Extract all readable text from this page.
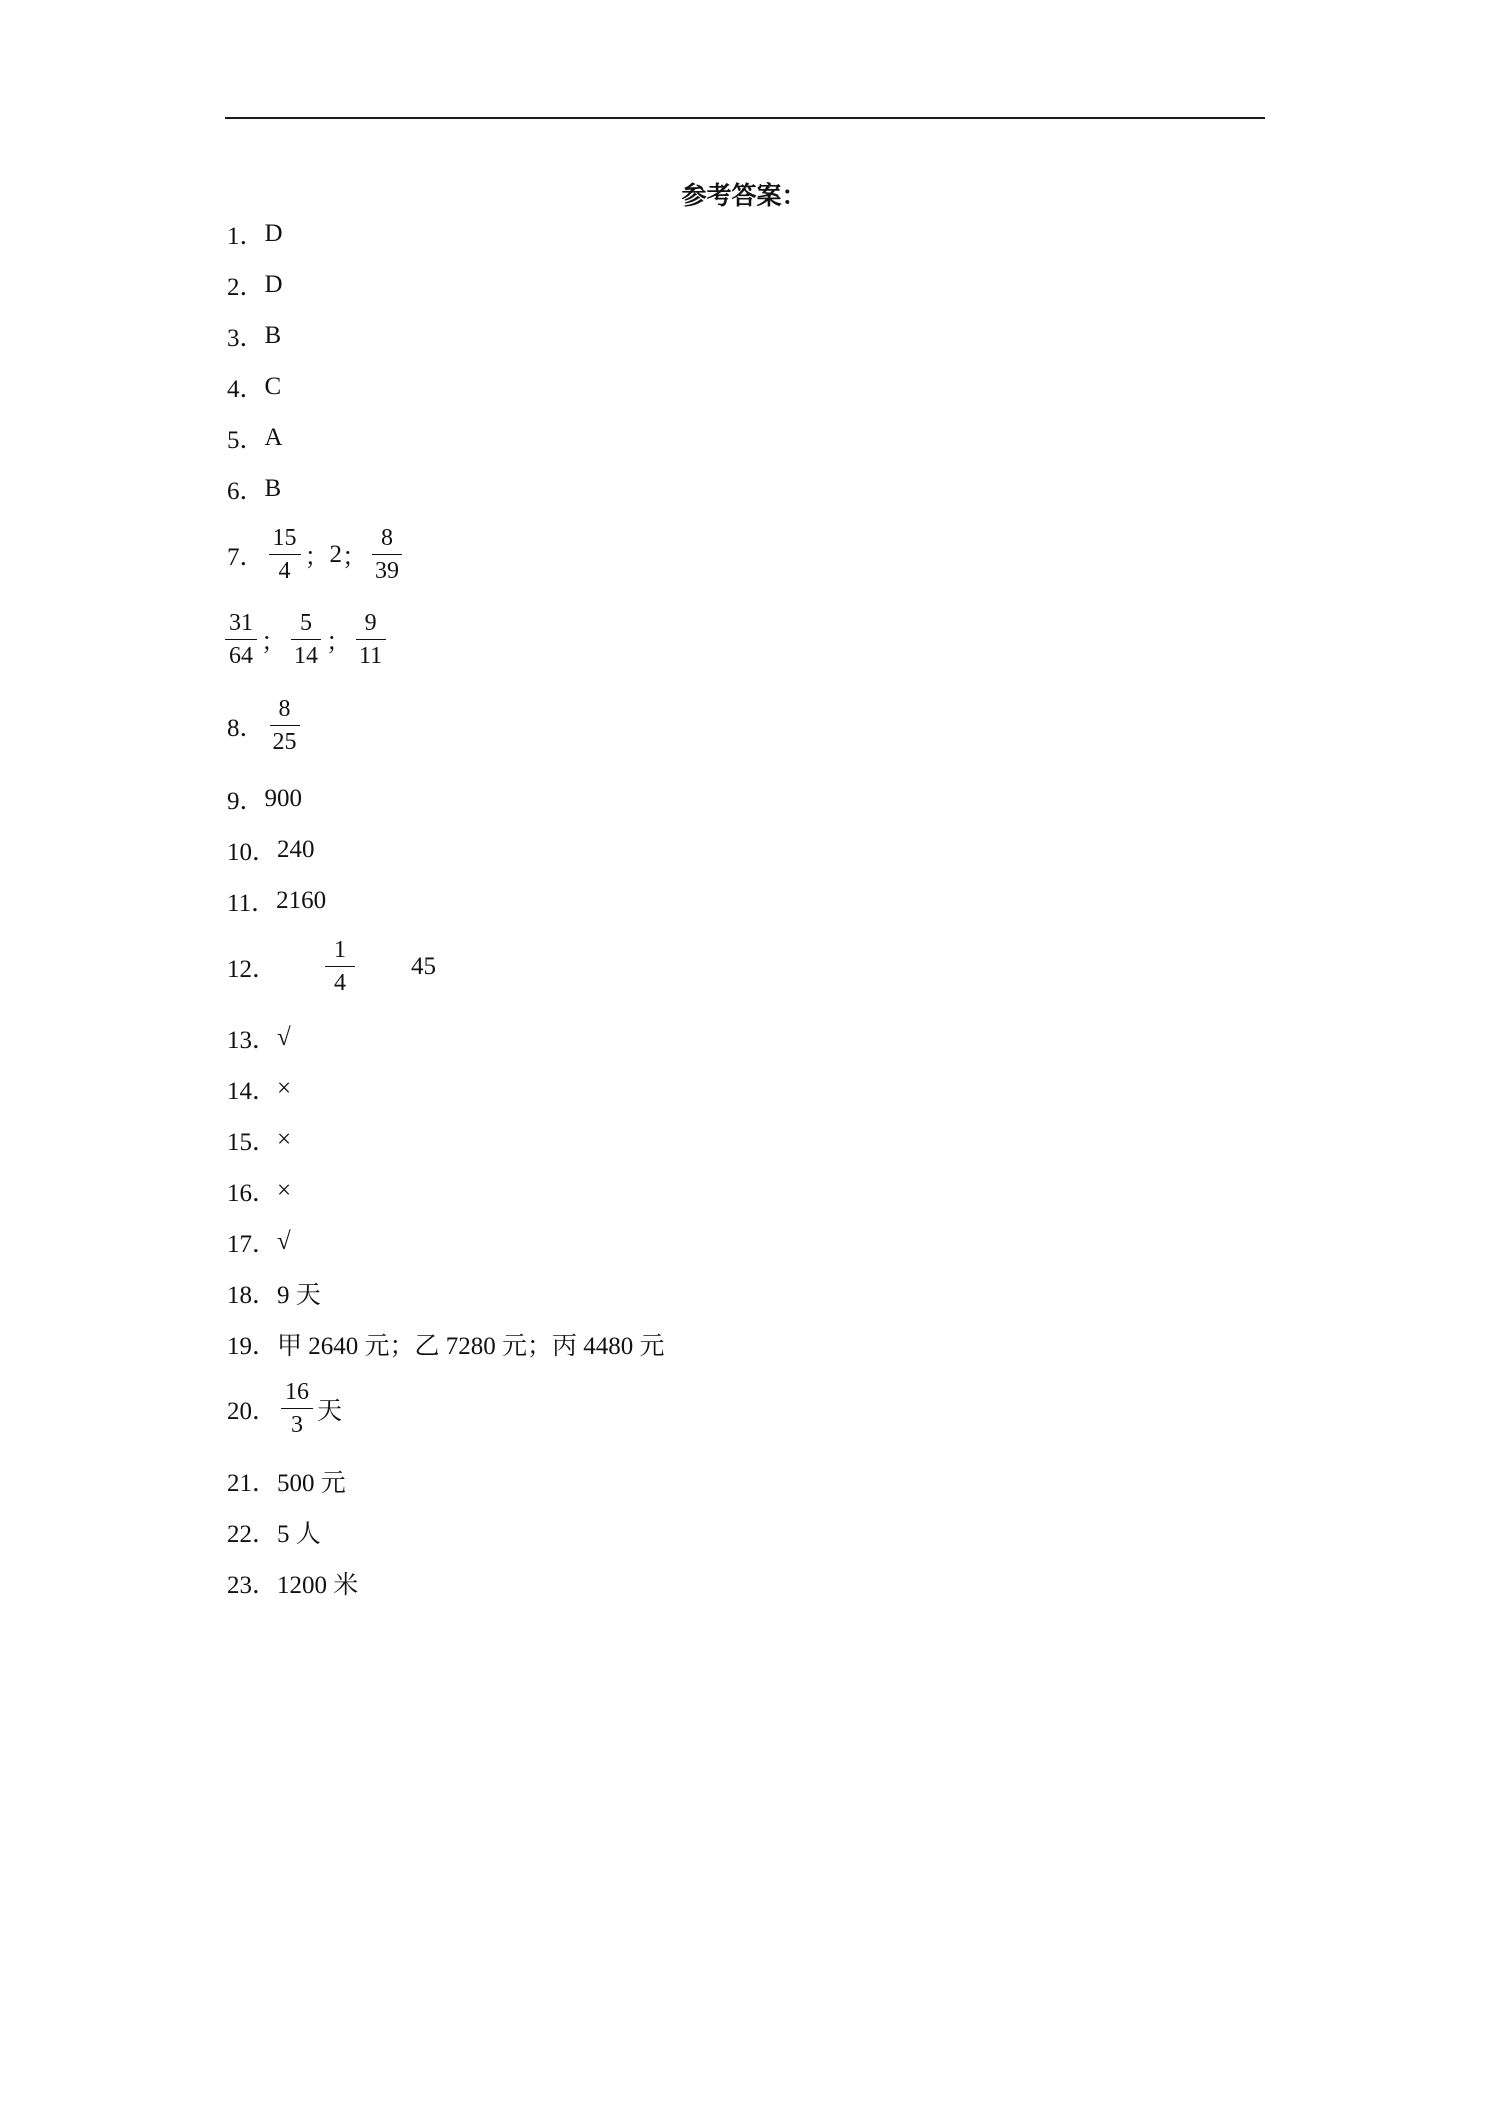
参考答案：
1． D
2． D
3． B
4． C
5． A
6． B
7． $\frac{15}{4}$ ； 2 ； $\frac{8}{39}$
$\frac{31}{64}$ ； $\frac{5}{14}$ ； $\frac{9}{11}$
8． $\frac{8}{25}$
9． 900
10． 240
11． 2160
12． $\frac{1}{4} 45$
13． √
14． ×
15． ×
16． ×
17． √
18． 9 天
19． 甲 2640 元；乙 7280 元；丙 4480 元
20． $\frac{16}{3}$ 天
21． 500 元
22． 5 人
23． 1200 米
